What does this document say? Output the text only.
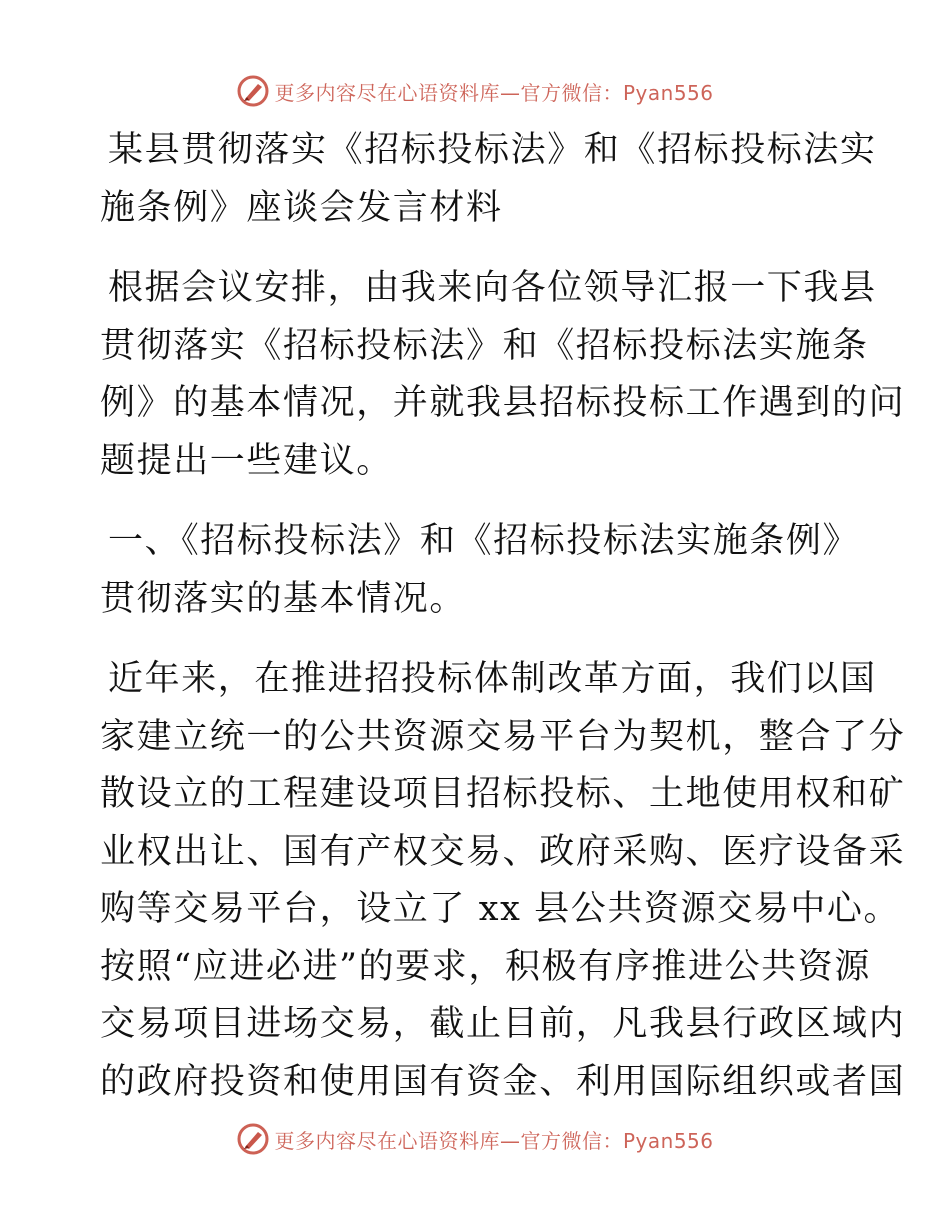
更多内容尽在心语资料库—官方微信：Pyan556
某县贯彻落实《招标投标法》和《招标投标法实
施条例》座谈会发言材料
根据会议安排，由我来向各位领导汇报一下我县
贯彻落实《招标投标法》和《招标投标法实施条
例》的基本情况，并就我县招标投标工作遇到的问
题提出一些建议。
一、《招标投标法》和《招标投标法实施条例》
贯彻落实的基本情况。
近年来，在推进招投标体制改革方面，我们以国
家建立统一的公共资源交易平台为契机，整合了分
散设立的工程建设项目招标投标、土地使用权和矿
业权出让、国有产权交易、政府采购、医疗设备采
购等交易平台，设立了 xx 县公共资源交易中心。
按照“应进必进”的要求，积极有序推进公共资源
交易项目进场交易，截止目前，凡我县行政区域内
的政府投资和使用国有资金、利用国际组织或者国
更多内容尽在心语资料库—官方微信：Pyan556
